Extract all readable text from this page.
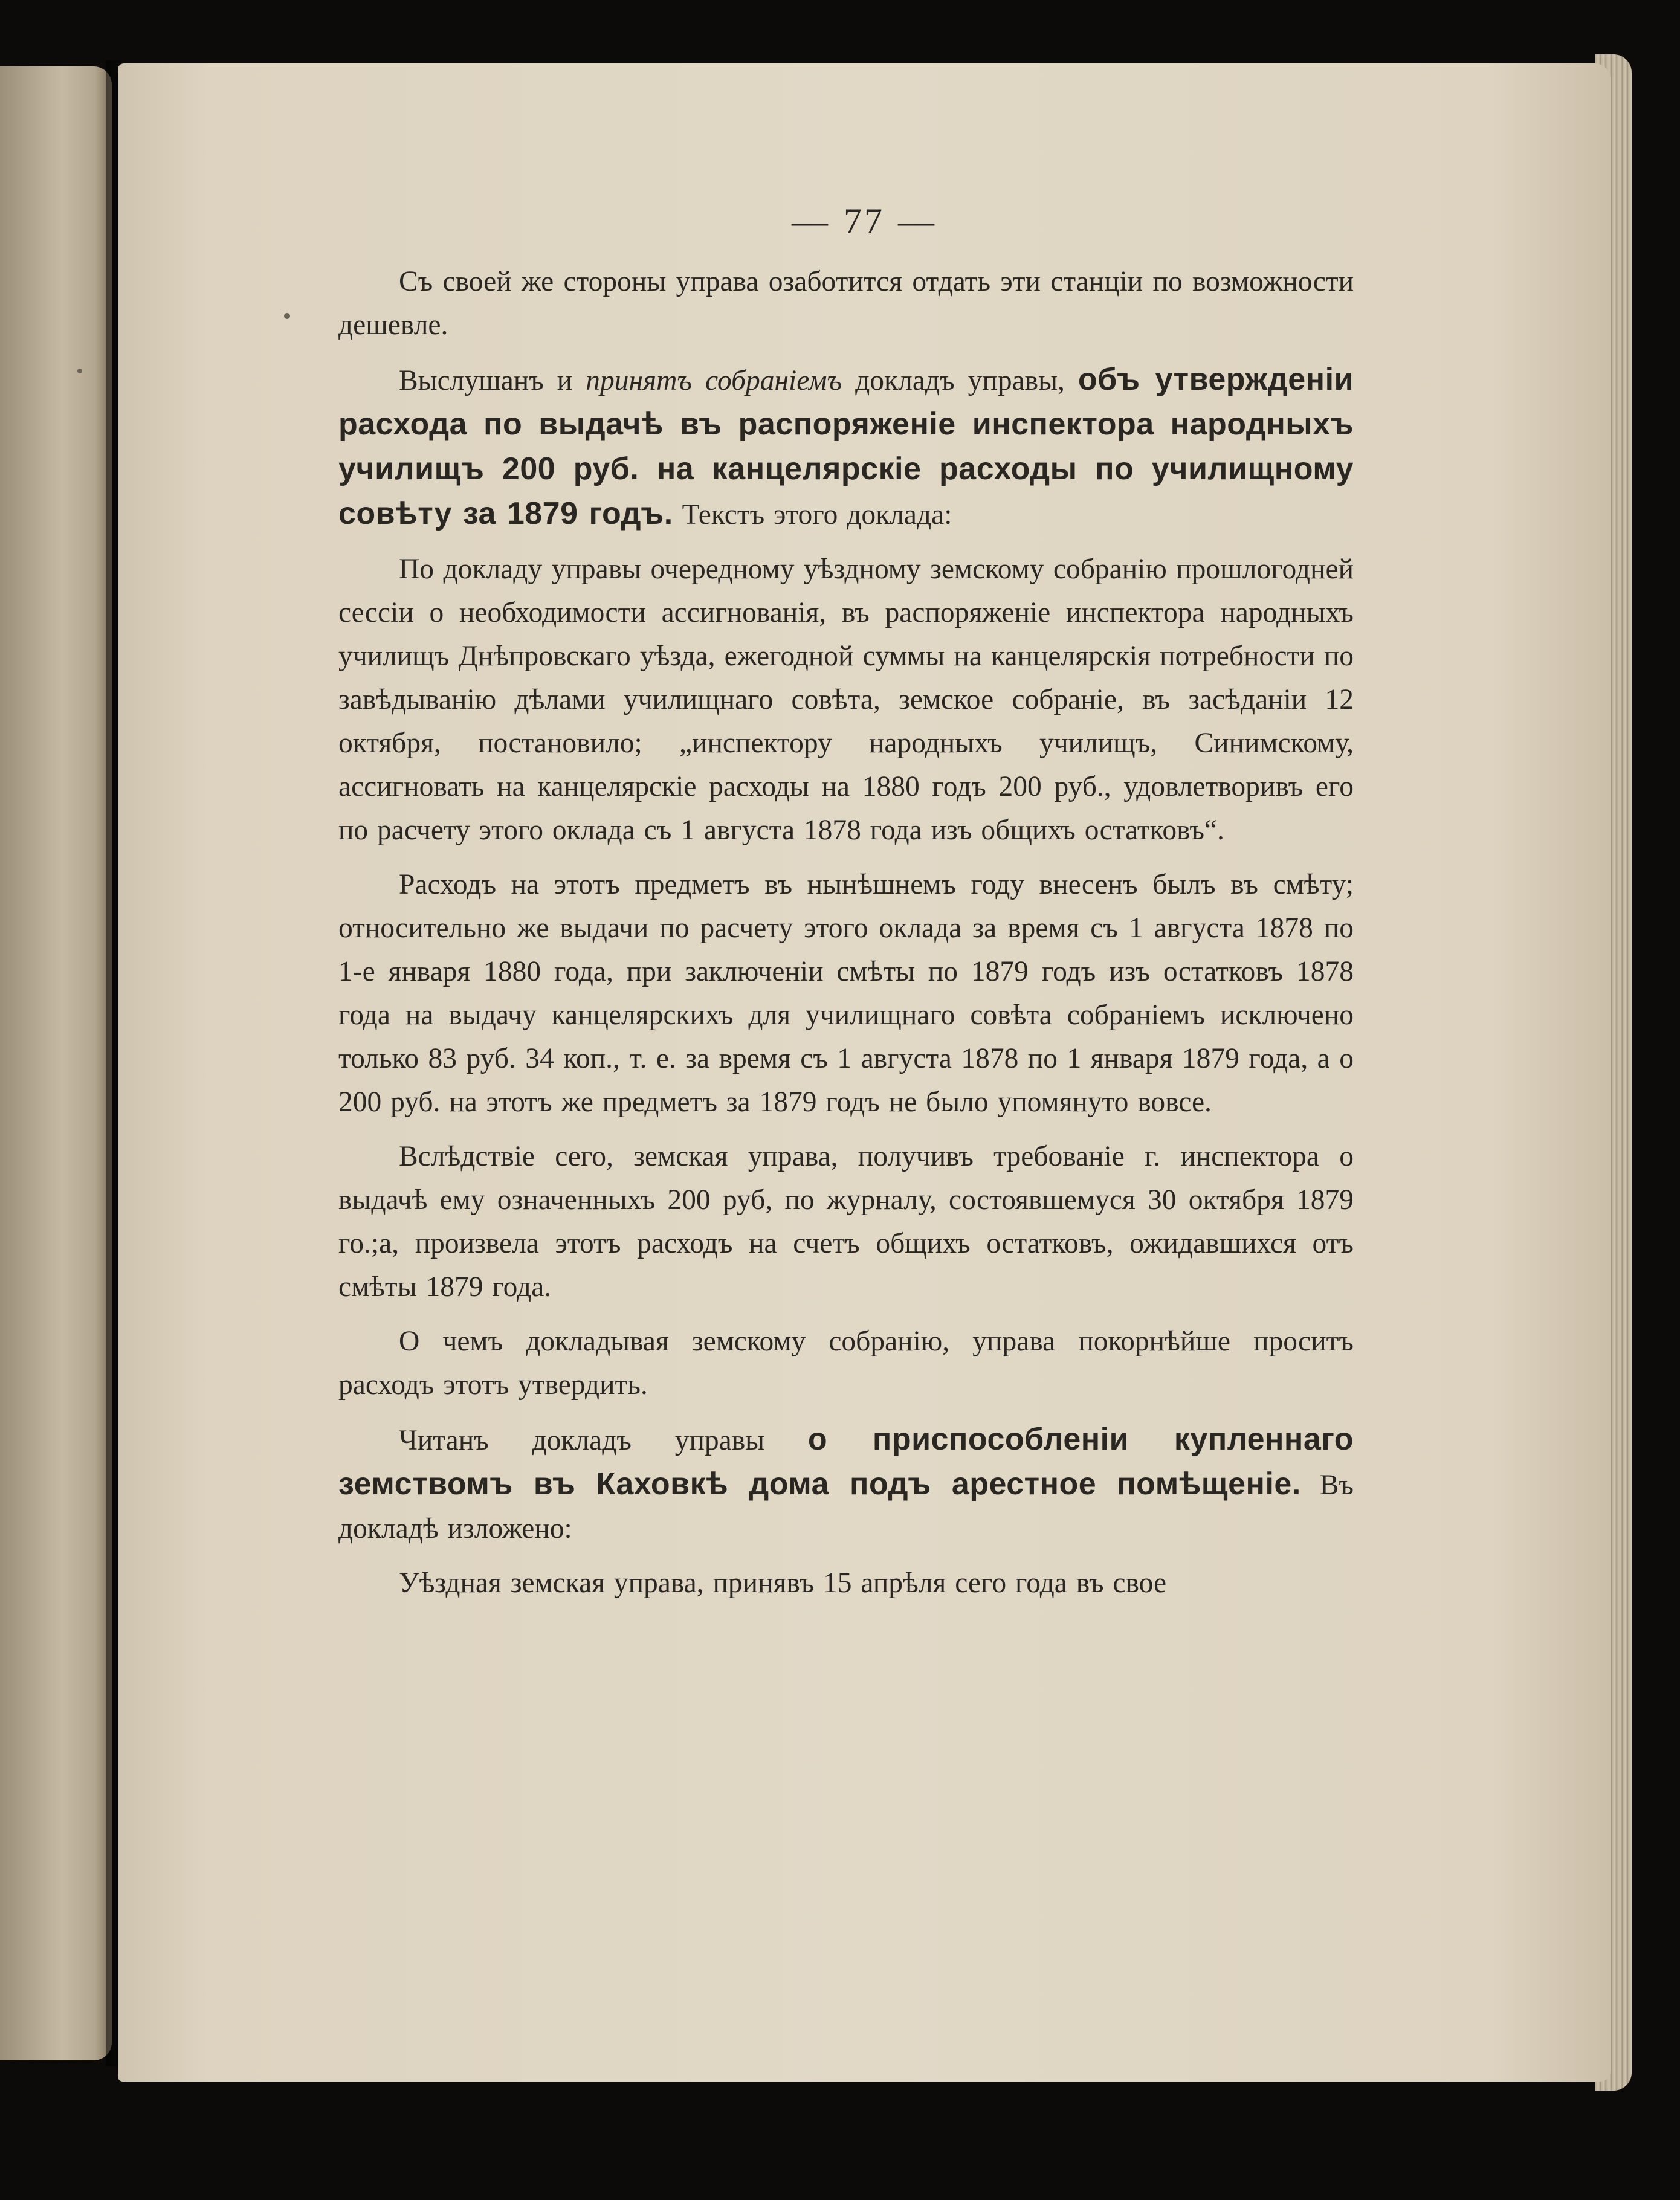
— 77 —

Съ своей же стороны управа озаботится отдать эти станціи по возможности дешевле.

Выслушанъ и принятъ собраніемъ докладъ управы, объ утвержденіи расхода по выдачѣ въ распоряженіе инспектора народныхъ училищъ 200 руб. на канцелярскіе расходы по училищному совѣту за 1879 годъ. Текстъ этого доклада:

По докладу управы очередному уѣздному земскому собранію прошлогодней сессіи о необходимости ассигнованія, въ распоряженіе инспектора народныхъ училищъ Днѣпровскаго уѣзда, ежегодной суммы на канцелярскія потребности по завѣдыванію дѣлами училищнаго совѣта, земское собраніе, въ засѣданіи 12 октября, постановило; „инспектору народныхъ училищъ, Синимскому, ассигновать на канцелярскіе расходы на 1880 годъ 200 руб., удовлетворивъ его по расчету этого оклада съ 1 августа 1878 года изъ общихъ остатковъ“.

Расходъ на этотъ предметъ въ нынѣшнемъ году внесенъ былъ въ смѣту; относительно же выдачи по расчету этого оклада за время съ 1 августа 1878 по 1-е января 1880 года, при заключеніи смѣты по 1879 годъ изъ остатковъ 1878 года на выдачу канцелярскихъ для училищнаго совѣта собраніемъ исключено только 83 руб. 34 коп., т. е. за время съ 1 августа 1878 по 1 января 1879 года, а о 200 руб. на этотъ же предметъ за 1879 годъ не было упомянуто вовсе.

Вслѣдствіе сего, земская управа, получивъ требованіе г. инспектора о выдачѣ ему означенныхъ 200 руб, по журналу, состоявшемуся 30 октября 1879 го.;а, произвела этотъ расходъ на счетъ общихъ остатковъ, ожидавшихся отъ смѣты 1879 года.

О чемъ докладывая земскому собранію, управа покорнѣйше проситъ расходъ этотъ утвердить.

Читанъ докладъ управы о приспособленіи купленнаго земствомъ въ Каховкѣ дома подъ арестное помѣщеніе. Въ докладѣ изложено:

Уѣздная земская управа, принявъ 15 апрѣля сего года въ свое
